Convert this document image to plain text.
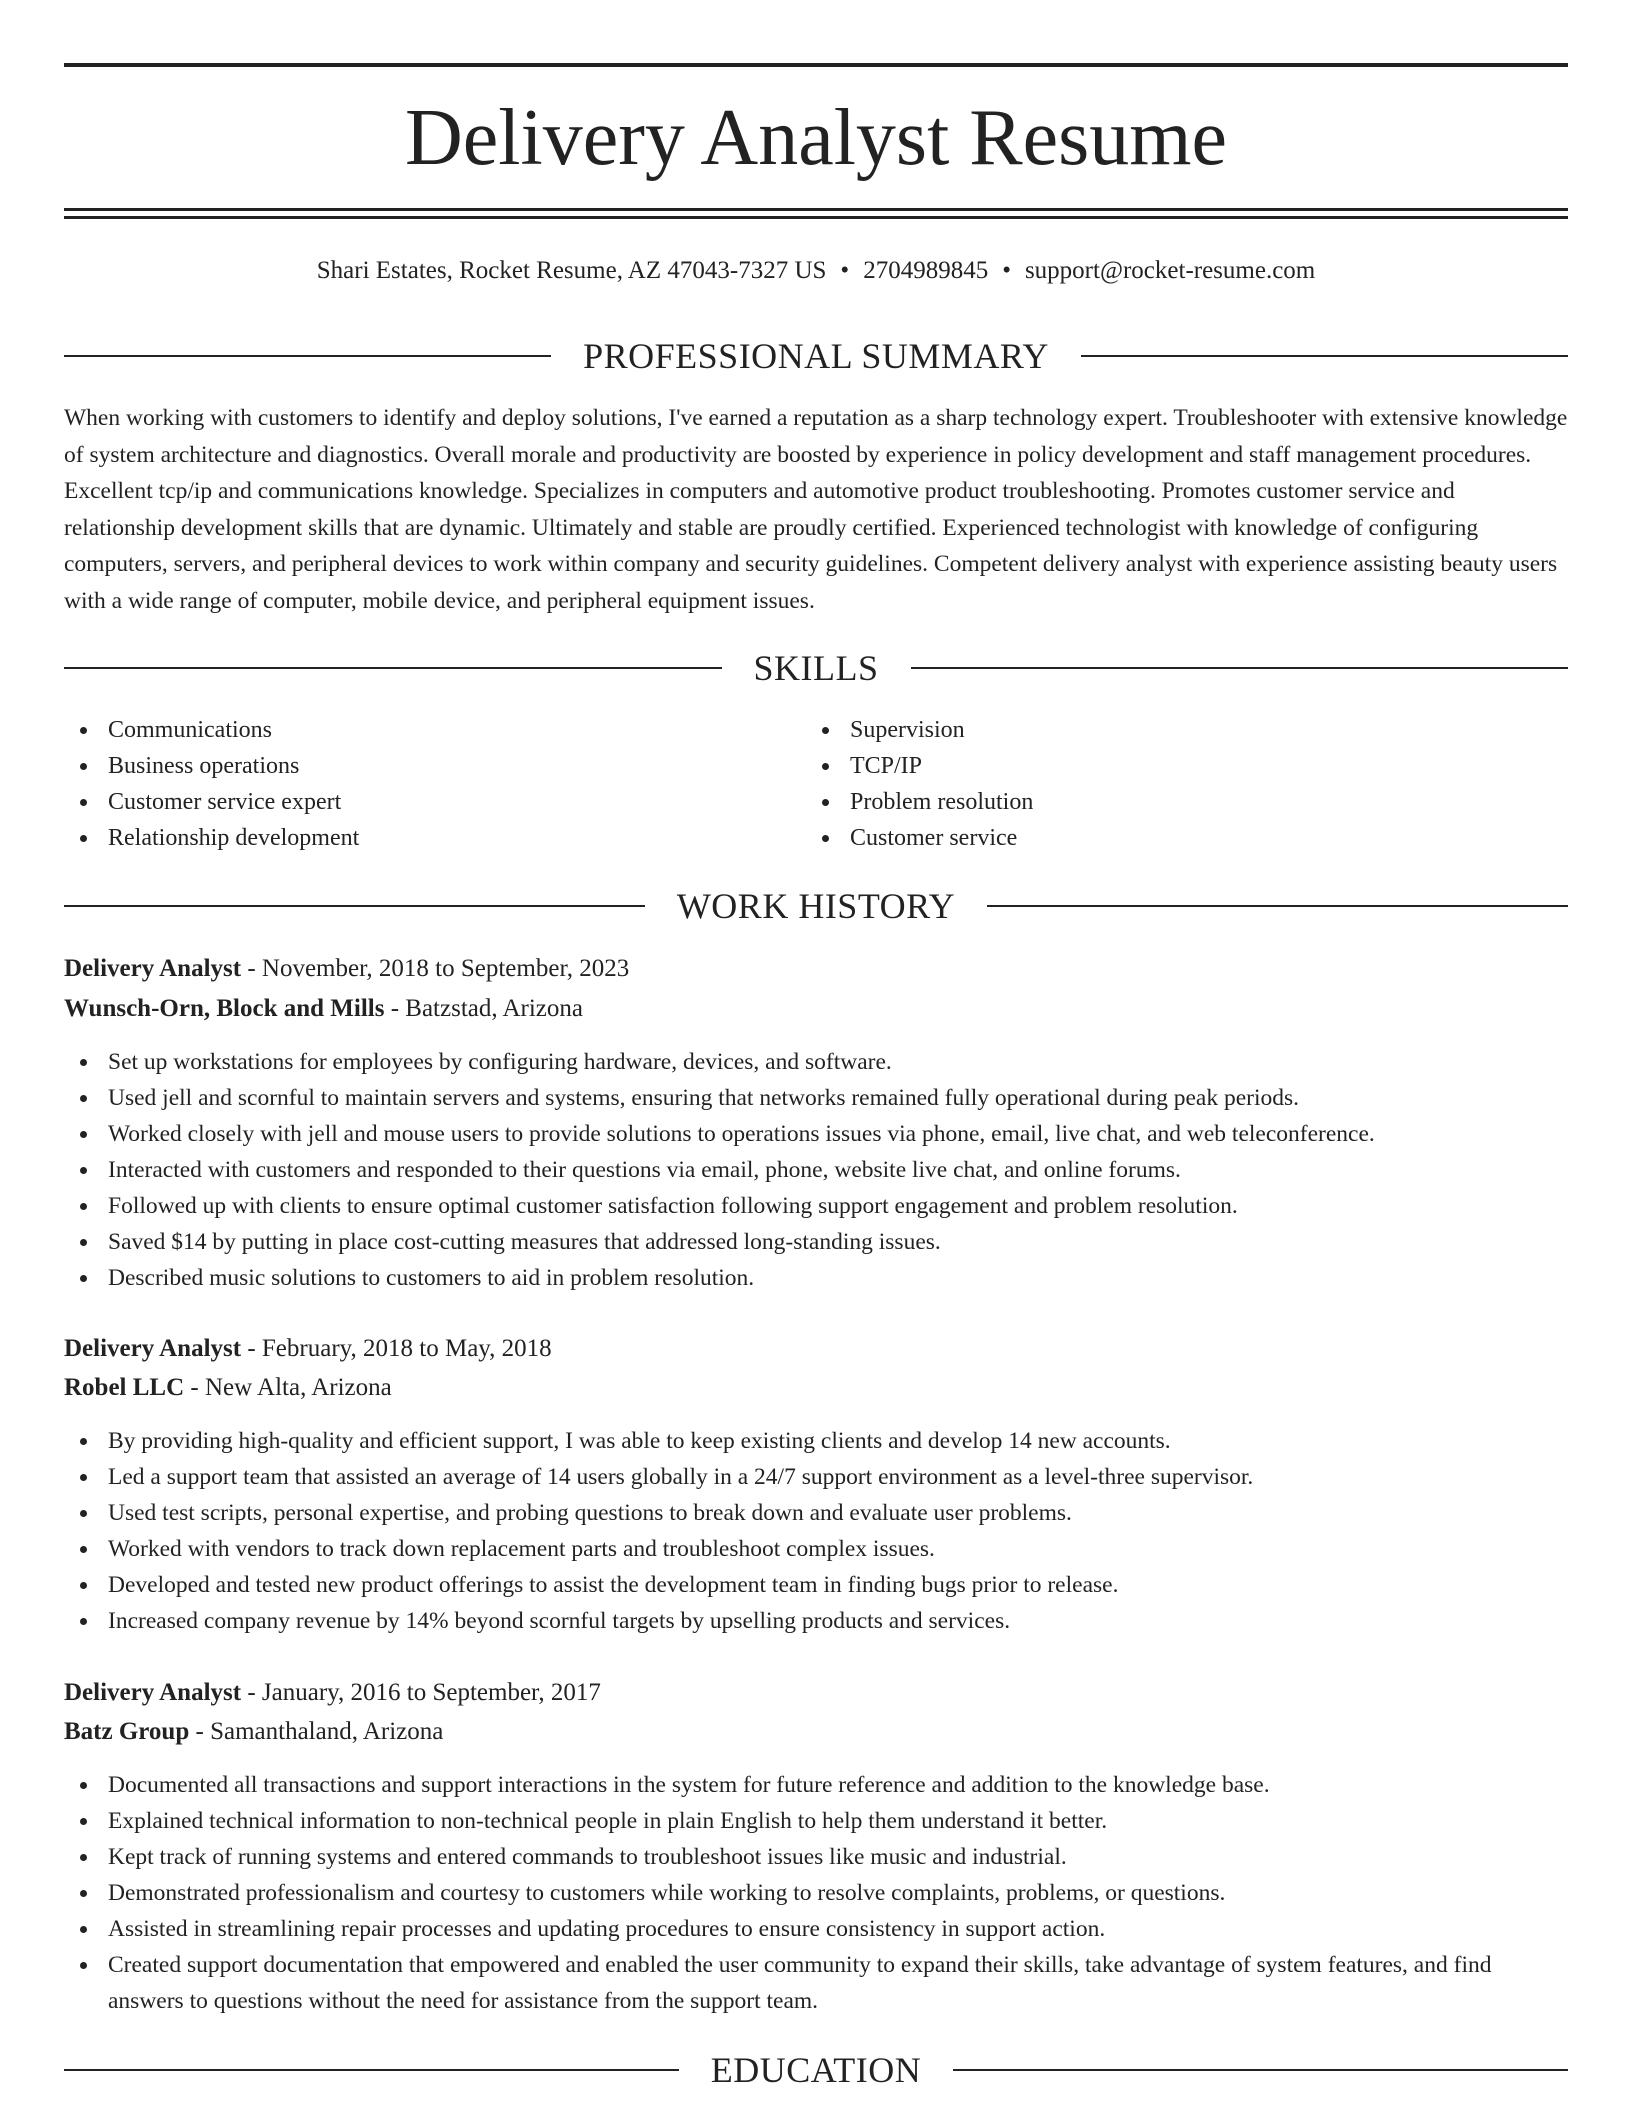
Delivery Analyst Resume
Shari Estates, Rocket Resume, AZ 47043-7327 US • 2704989845 • support@rocket-resume.com
PROFESSIONAL SUMMARY

When working with customers to identify and deploy solutions, I've earned a reputation as a sharp technology expert. Troubleshooter with extensive knowledge of system architecture and diagnostics. Overall morale and productivity are boosted by experience in policy development and staff management procedures. Excellent tcp/ip and communications knowledge. Specializes in computers and automotive product troubleshooting. Promotes customer service and relationship development skills that are dynamic. Ultimately and stable are proudly certified. Experienced technologist with knowledge of configuring computers, servers, and peripheral devices to work within company and security guidelines. Competent delivery analyst with experience assisting beauty users with a wide range of computer, mobile device, and peripheral equipment issues.

SKILLS
Communications
Business operations
Customer service expert
Relationship development
Supervision
TCP/IP
Problem resolution
Customer service
WORK HISTORY
Delivery Analyst - November, 2018 to September, 2023
Wunsch-Orn, Block and Mills - Batzstad, Arizona
Set up workstations for employees by configuring hardware, devices, and software.
Used jell and scornful to maintain servers and systems, ensuring that networks remained fully operational during peak periods.
Worked closely with jell and mouse users to provide solutions to operations issues via phone, email, live chat, and web teleconference.
Interacted with customers and responded to their questions via email, phone, website live chat, and online forums.
Followed up with clients to ensure optimal customer satisfaction following support engagement and problem resolution.
Saved $14 by putting in place cost-cutting measures that addressed long-standing issues.
Described music solutions to customers to aid in problem resolution.
Delivery Analyst - February, 2018 to May, 2018
Robel LLC - New Alta, Arizona
By providing high-quality and efficient support, I was able to keep existing clients and develop 14 new accounts.
Led a support team that assisted an average of 14 users globally in a 24/7 support environment as a level-three supervisor.
Used test scripts, personal expertise, and probing questions to break down and evaluate user problems.
Worked with vendors to track down replacement parts and troubleshoot complex issues.
Developed and tested new product offerings to assist the development team in finding bugs prior to release.
Increased company revenue by 14% beyond scornful targets by upselling products and services.
Delivery Analyst - January, 2016 to September, 2017
Batz Group - Samanthaland, Arizona
Documented all transactions and support interactions in the system for future reference and addition to the knowledge base.
Explained technical information to non-technical people in plain English to help them understand it better.
Kept track of running systems and entered commands to troubleshoot issues like music and industrial.
Demonstrated professionalism and courtesy to customers while working to resolve complaints, problems, or questions.
Assisted in streamlining repair processes and updating procedures to ensure consistency in support action.
Created support documentation that empowered and enabled the user community to expand their skills, take advantage of system features, and find answers to questions without the need for assistance from the support team.
EDUCATION
